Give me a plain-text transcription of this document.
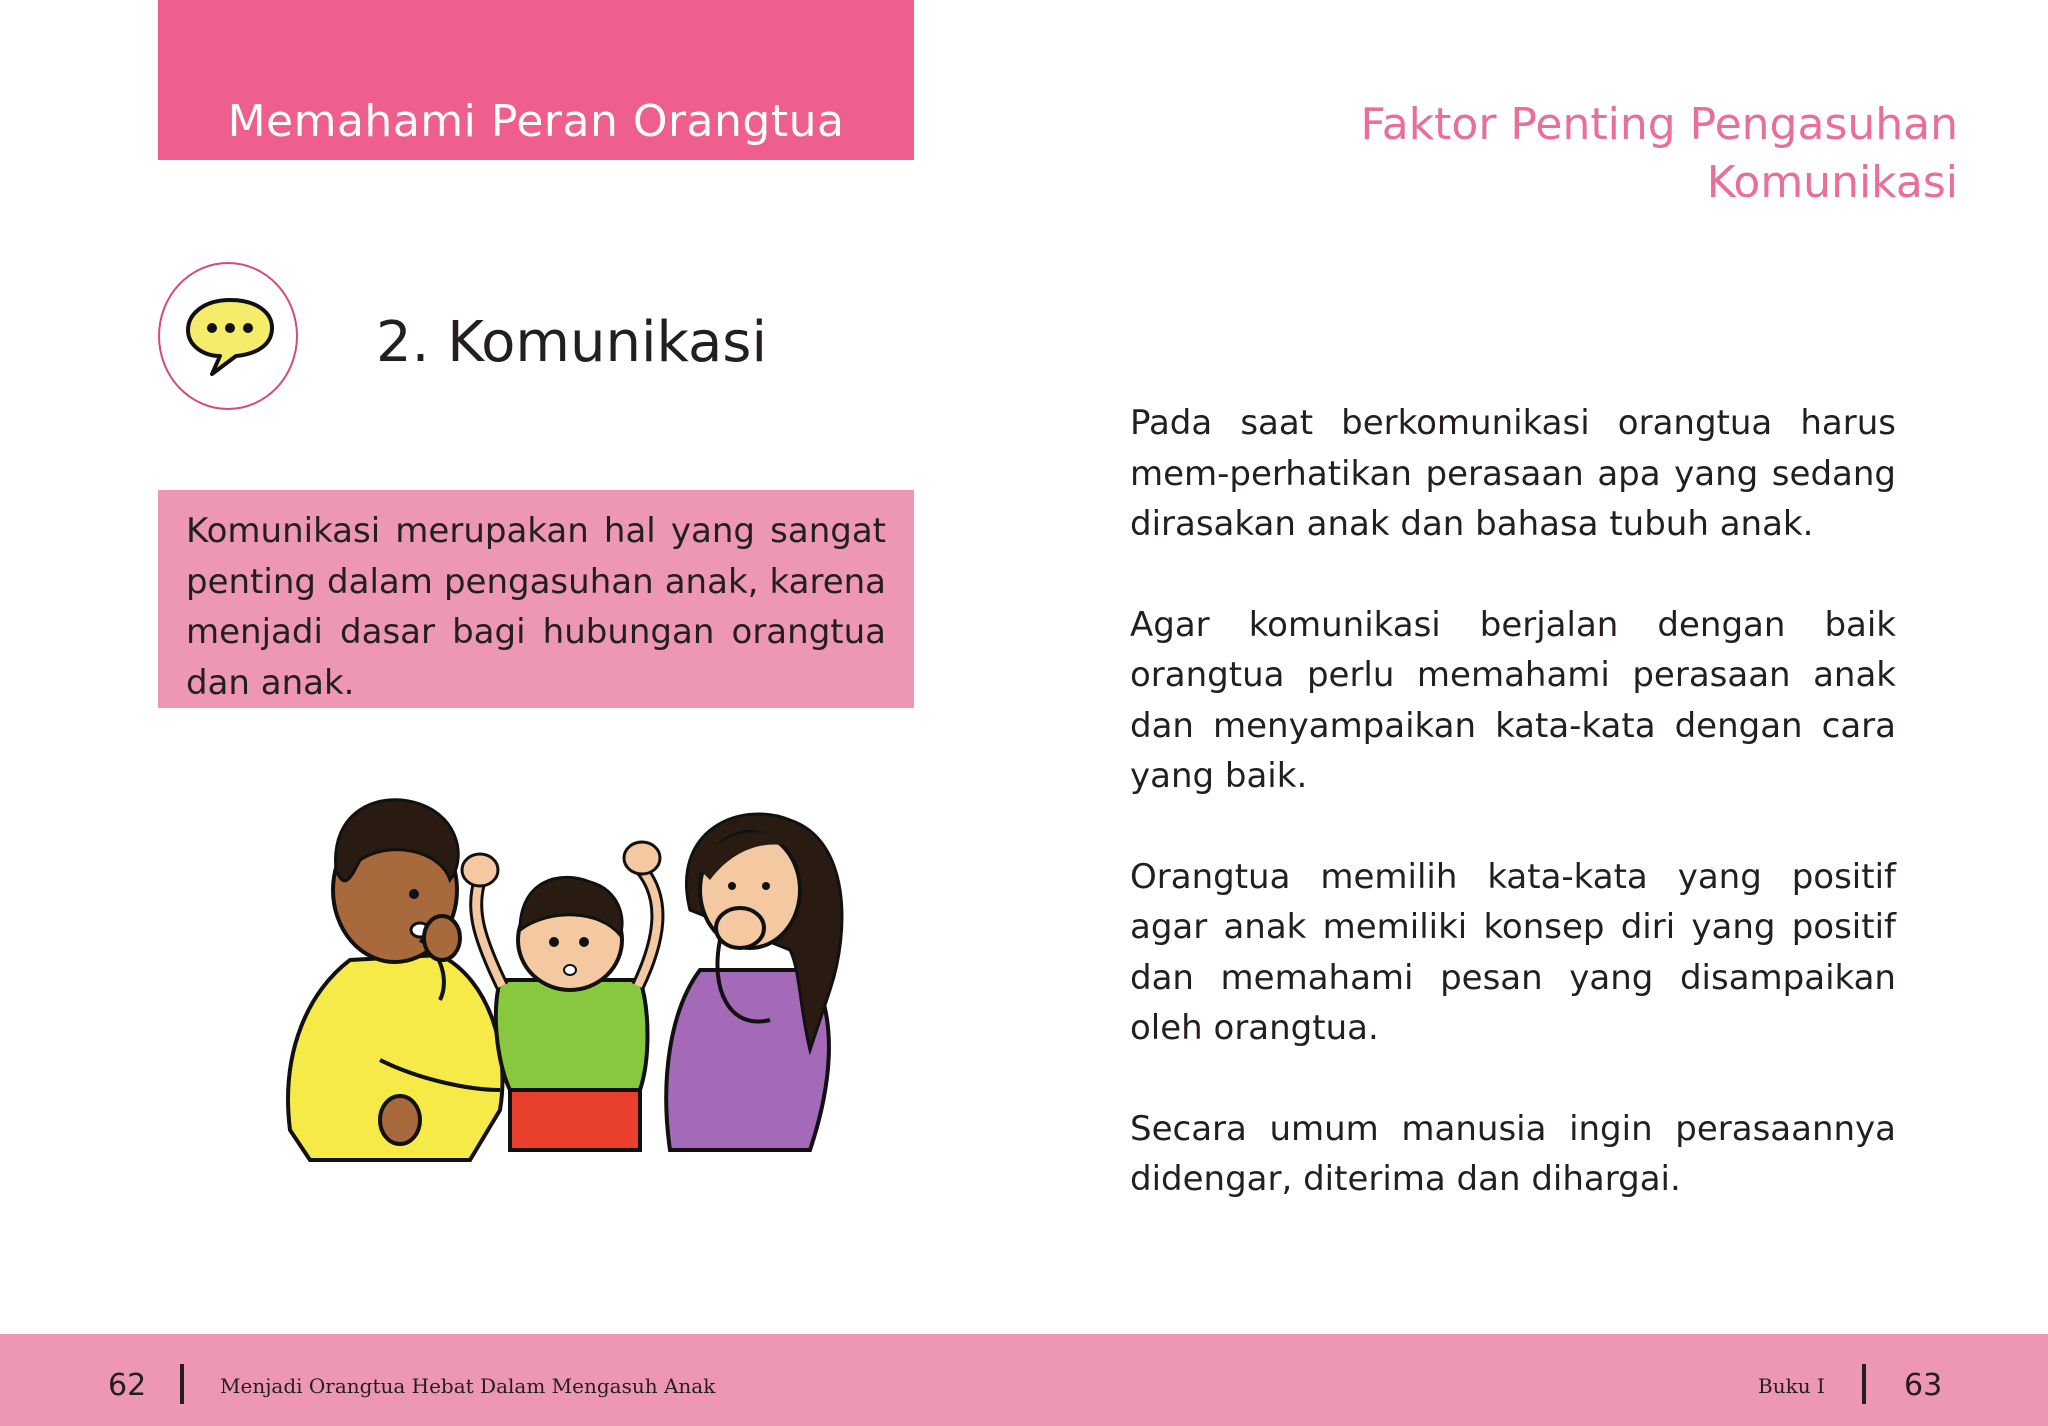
Memahami Peran Orangtua	Faktor Penting Pengasuhan
Komunikasi
2. Komunikasi
Komunikasi merupakan hal yang sangat penting dalam pengasuhan anak, karena menjadi dasar bagi hubungan orangtua dan anak.

Pada saat berkomunikasi orangtua harus mem-perhatikan perasaan apa yang sedang dirasakan anak dan bahasa tubuh anak.

Agar komunikasi berjalan dengan baik orangtua perlu memahami perasaan anak dan menyampaikan kata-kata dengan cara yang baik.

Orangtua memilih kata-kata yang positif agar anak memiliki konsep diri yang positif dan memahami pesan yang disampaikan oleh orangtua.

Secara umum manusia ingin perasaannya didengar, diterima dan dihargai.

62	Menjadi Orangtua Hebat Dalam Mengasuh Anak	Buku I	63
